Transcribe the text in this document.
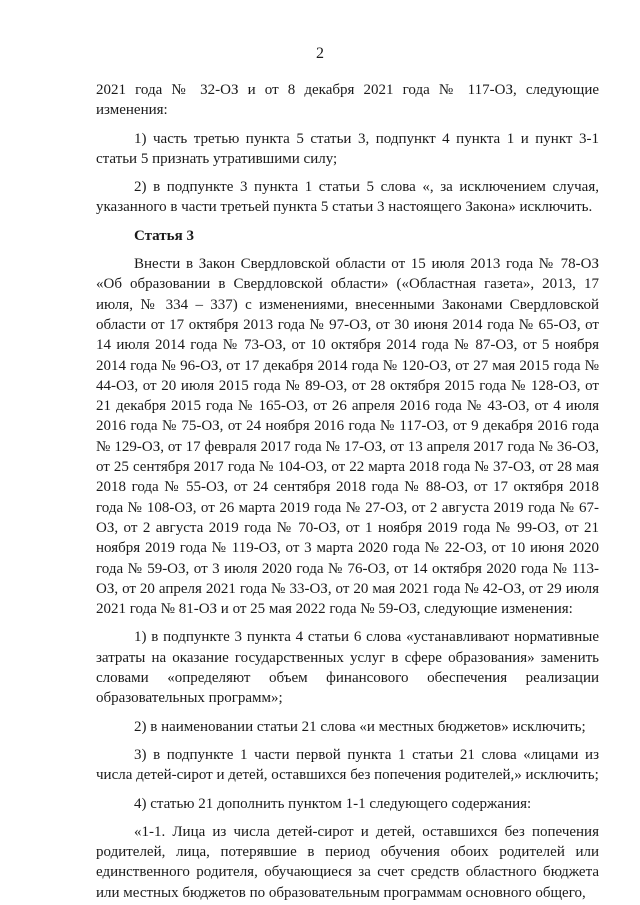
2

2021 года № 32-ОЗ и от 8 декабря 2021 года № 117-ОЗ, следующие изменения:

1) часть третью пункта 5 статьи 3, подпункт 4 пункта 1 и пункт 3-1 статьи 5 признать утратившими силу;

2) в подпункте 3 пункта 1 статьи 5 слова «, за исключением случая, указанного в части третьей пункта 5 статьи 3 настоящего Закона» исключить.

Статья 3

Внести в Закон Свердловской области от 15 июля 2013 года № 78-ОЗ «Об образовании в Свердловской области» («Областная газета», 2013, 17 июля, № 334 – 337) с изменениями, внесенными Законами Свердловской области от 17 октября 2013 года № 97-ОЗ, от 30 июня 2014 года № 65-ОЗ, от 14 июля 2014 года № 73-ОЗ, от 10 октября 2014 года № 87-ОЗ, от 5 ноября 2014 года № 96-ОЗ, от 17 декабря 2014 года № 120-ОЗ, от 27 мая 2015 года № 44-ОЗ, от 20 июля 2015 года № 89-ОЗ, от 28 октября 2015 года № 128-ОЗ, от 21 декабря 2015 года № 165-ОЗ, от 26 апреля 2016 года № 43-ОЗ, от 4 июля 2016 года № 75-ОЗ, от 24 ноября 2016 года № 117-ОЗ, от 9 декабря 2016 года № 129-ОЗ, от 17 февраля 2017 года № 17-ОЗ, от 13 апреля 2017 года № 36-ОЗ, от 25 сентября 2017 года № 104-ОЗ, от 22 марта 2018 года № 37-ОЗ, от 28 мая 2018 года № 55-ОЗ, от 24 сентября 2018 года № 88-ОЗ, от 17 октября 2018 года № 108-ОЗ, от 26 марта 2019 года № 27-ОЗ, от 2 августа 2019 года № 67-ОЗ, от 2 августа 2019 года № 70-ОЗ, от 1 ноября 2019 года № 99-ОЗ, от 21 ноября 2019 года № 119-ОЗ, от 3 марта 2020 года № 22-ОЗ, от 10 июня 2020 года № 59-ОЗ, от 3 июля 2020 года № 76-ОЗ, от 14 октября 2020 года № 113-ОЗ, от 20 апреля 2021 года № 33-ОЗ, от 20 мая 2021 года № 42-ОЗ, от 29 июля 2021 года № 81-ОЗ и от 25 мая 2022 года № 59-ОЗ, следующие изменения:

1) в подпункте 3 пункта 4 статьи 6 слова «устанавливают нормативные затраты на оказание государственных услуг в сфере образования» заменить словами «определяют объем финансового обеспечения реализации образовательных программ»;

2) в наименовании статьи 21 слова «и местных бюджетов» исключить;

3) в подпункте 1 части первой пункта 1 статьи 21 слова «лицами из числа детей-сирот и детей, оставшихся без попечения родителей,» исключить;

4) статью 21 дополнить пунктом 1-1 следующего содержания:

«1-1. Лица из числа детей-сирот и детей, оставшихся без попечения родителей, лица, потерявшие в период обучения обоих родителей или единственного родителя, обучающиеся за счет средств областного бюджета или местных бюджетов по образовательным программам основного общего,
